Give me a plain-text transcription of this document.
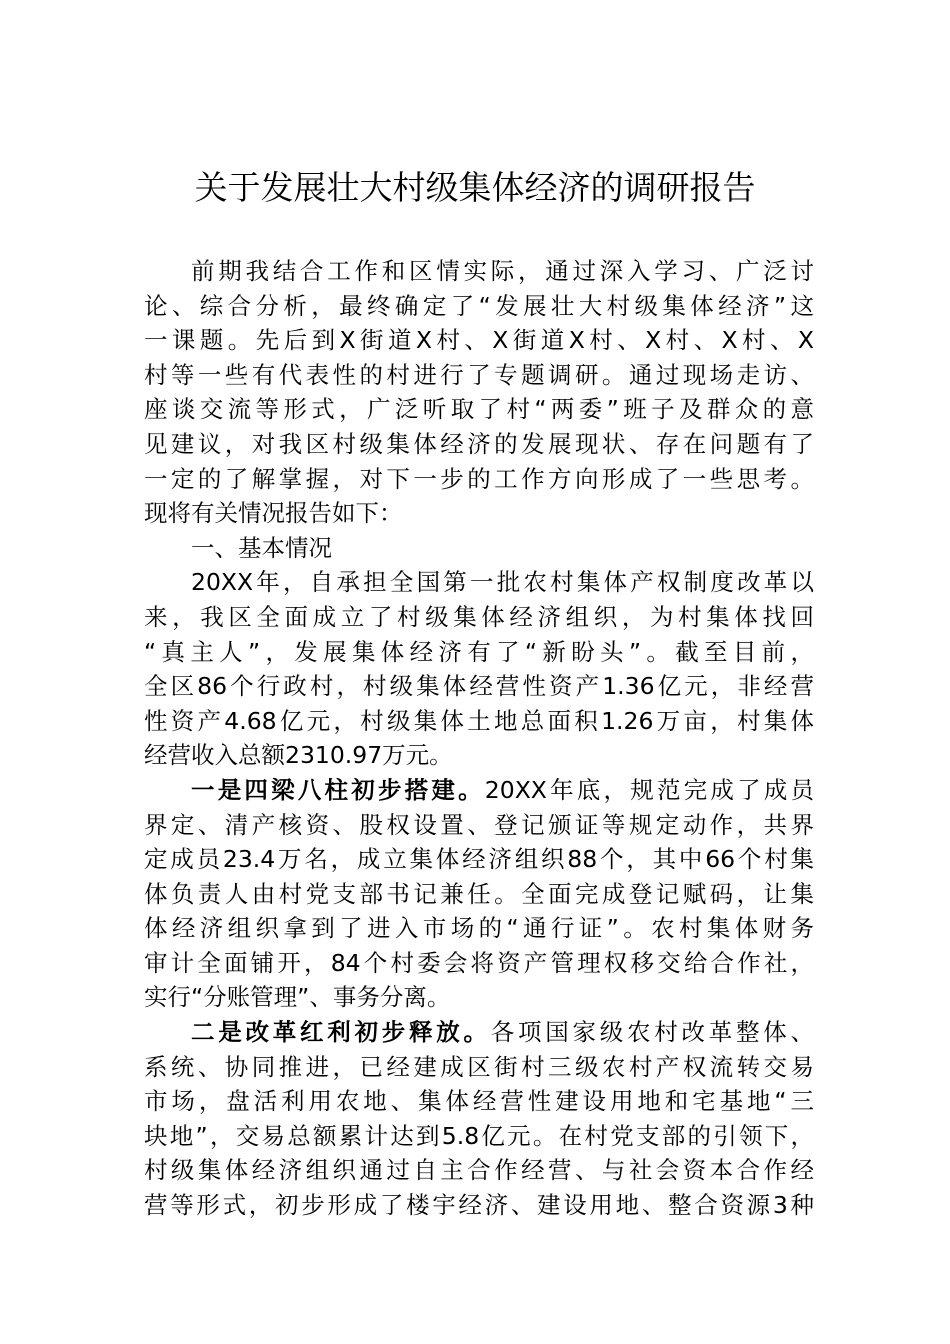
关于发展壮大村级集体经济的调研报告
前期我结合工作和区情实际，通过深入学习、广泛讨
论、综合分析，最终确定了“发展壮大村级集体经济”这
一课题。先后到X街道X村、X街道X村、X村、X村、X
村等一些有代表性的村进行了专题调研。通过现场走访、
座谈交流等形式，广泛听取了村“两委”班子及群众的意
见建议，对我区村级集体经济的发展现状、存在问题有了
一定的了解掌握，对下一步的工作方向形成了一些思考。
现将有关情况报告如下：
一、基本情况
20XX年，自承担全国第一批农村集体产权制度改革以
来，我区全面成立了村级集体经济组织，为村集体找回
“真主人”，发展集体经济有了“新盼头”。截至目前，
全区86个行政村，村级集体经营性资产1.36亿元，非经营
性资产4.68亿元，村级集体土地总面积1.26万亩，村集体
经营收入总额2310.97万元。
一是四梁八柱初步搭建。20XX年底，规范完成了成员
界定、清产核资、股权设置、登记颁证等规定动作，共界
定成员23.4万名，成立集体经济组织88个，其中66个村集
体负责人由村党支部书记兼任。全面完成登记赋码，让集
体经济组织拿到了进入市场的“通行证”。农村集体财务
审计全面铺开，84个村委会将资产管理权移交给合作社，
实行“分账管理”、事务分离。
二是改革红利初步释放。各项国家级农村改革整体、
系统、协同推进，已经建成区街村三级农村产权流转交易
市场，盘活利用农地、集体经营性建设用地和宅基地“三
块地”，交易总额累计达到5.8亿元。在村党支部的引领下，
村级集体经济组织通过自主合作经营、与社会资本合作经
营等形式，初步形成了楼宇经济、建设用地、整合资源3种
